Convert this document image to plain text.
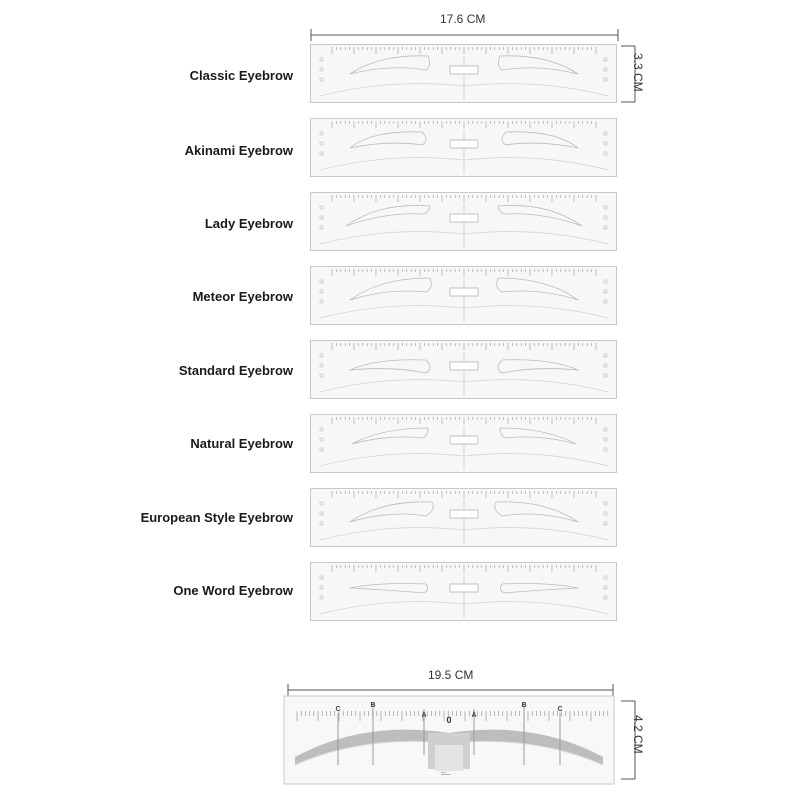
17.6 CM
3.3 CM
Classic Eyebrow
Akinami Eyebrow
Lady Eyebrow
Meteor Eyebrow
Standard Eyebrow
Natural Eyebrow
European Style Eyebrow
One Word Eyebrow
19.5 CM
4.2 CM
C
B
A 0	A
B
C
